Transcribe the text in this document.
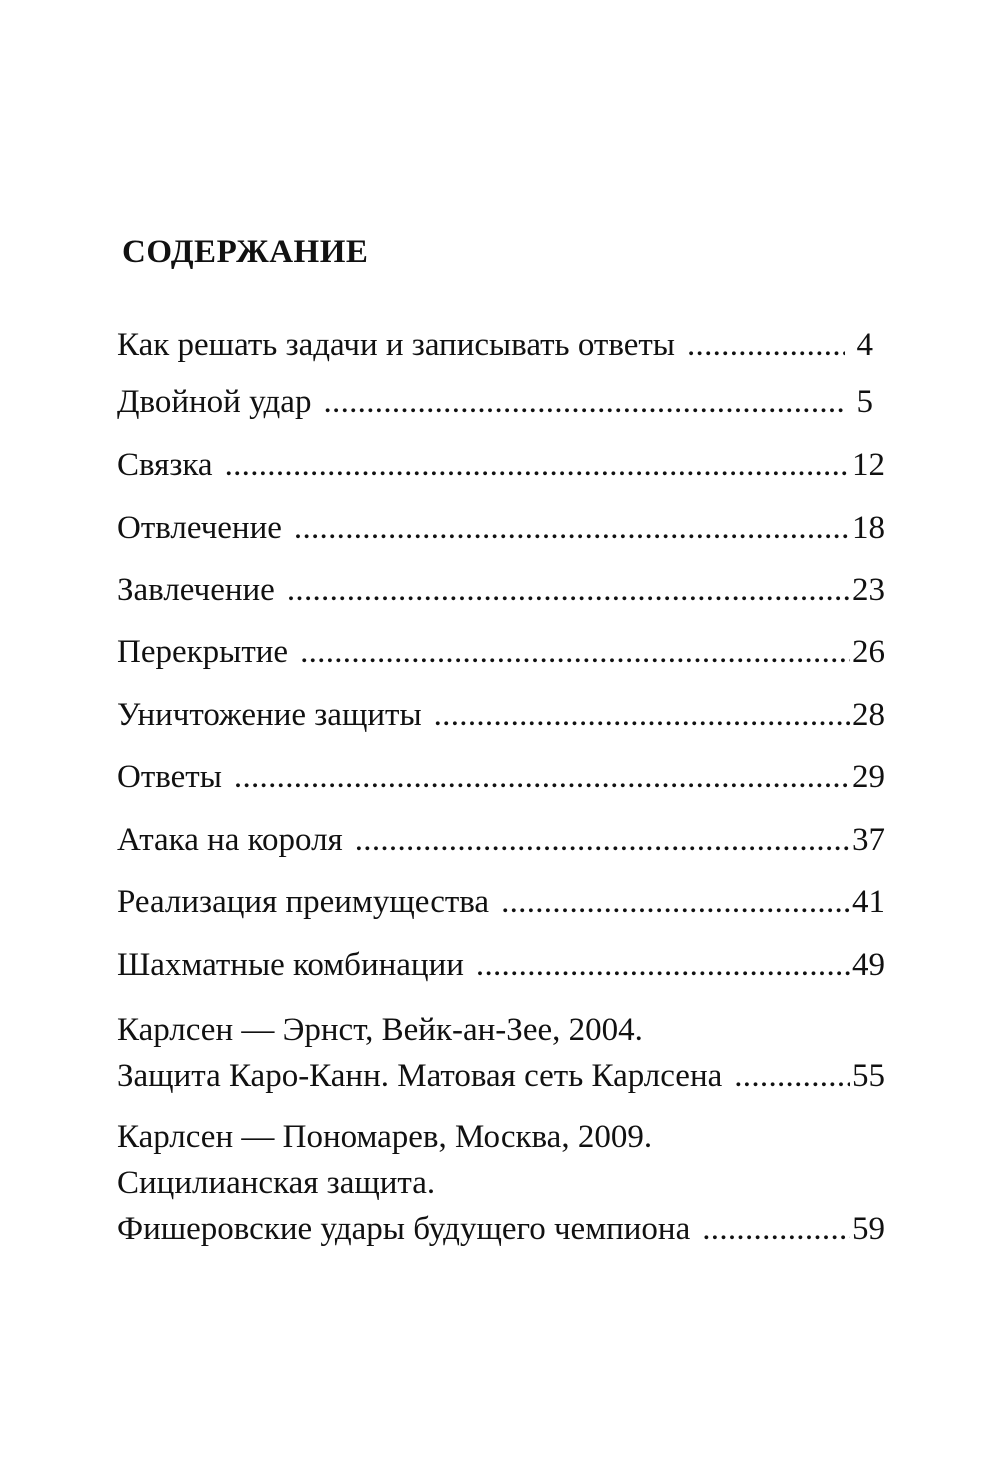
СОДЕРЖАНИЕ
Как решать задачи и записывать ответы .....	4
Двойной удар .....	5
Связка .....	12
Отвлечение .....	18
Завлечение .....	23
Перекрытие .....	26
Уничтожение защиты .....	28
Ответы .....	29
Атака на короля .....	37
Реализация преимущества .....	41
Шахматные комбинации .....	49
Карлсен — Эрнст, Вейк-ан-Зее, 2004.
Защита Каро-Канн. Матовая сеть Карлсена .....	55
Карлсен — Пономарев, Москва, 2009.
Сицилианская защита.
Фишеровские удары будущего чемпиона .....	59
